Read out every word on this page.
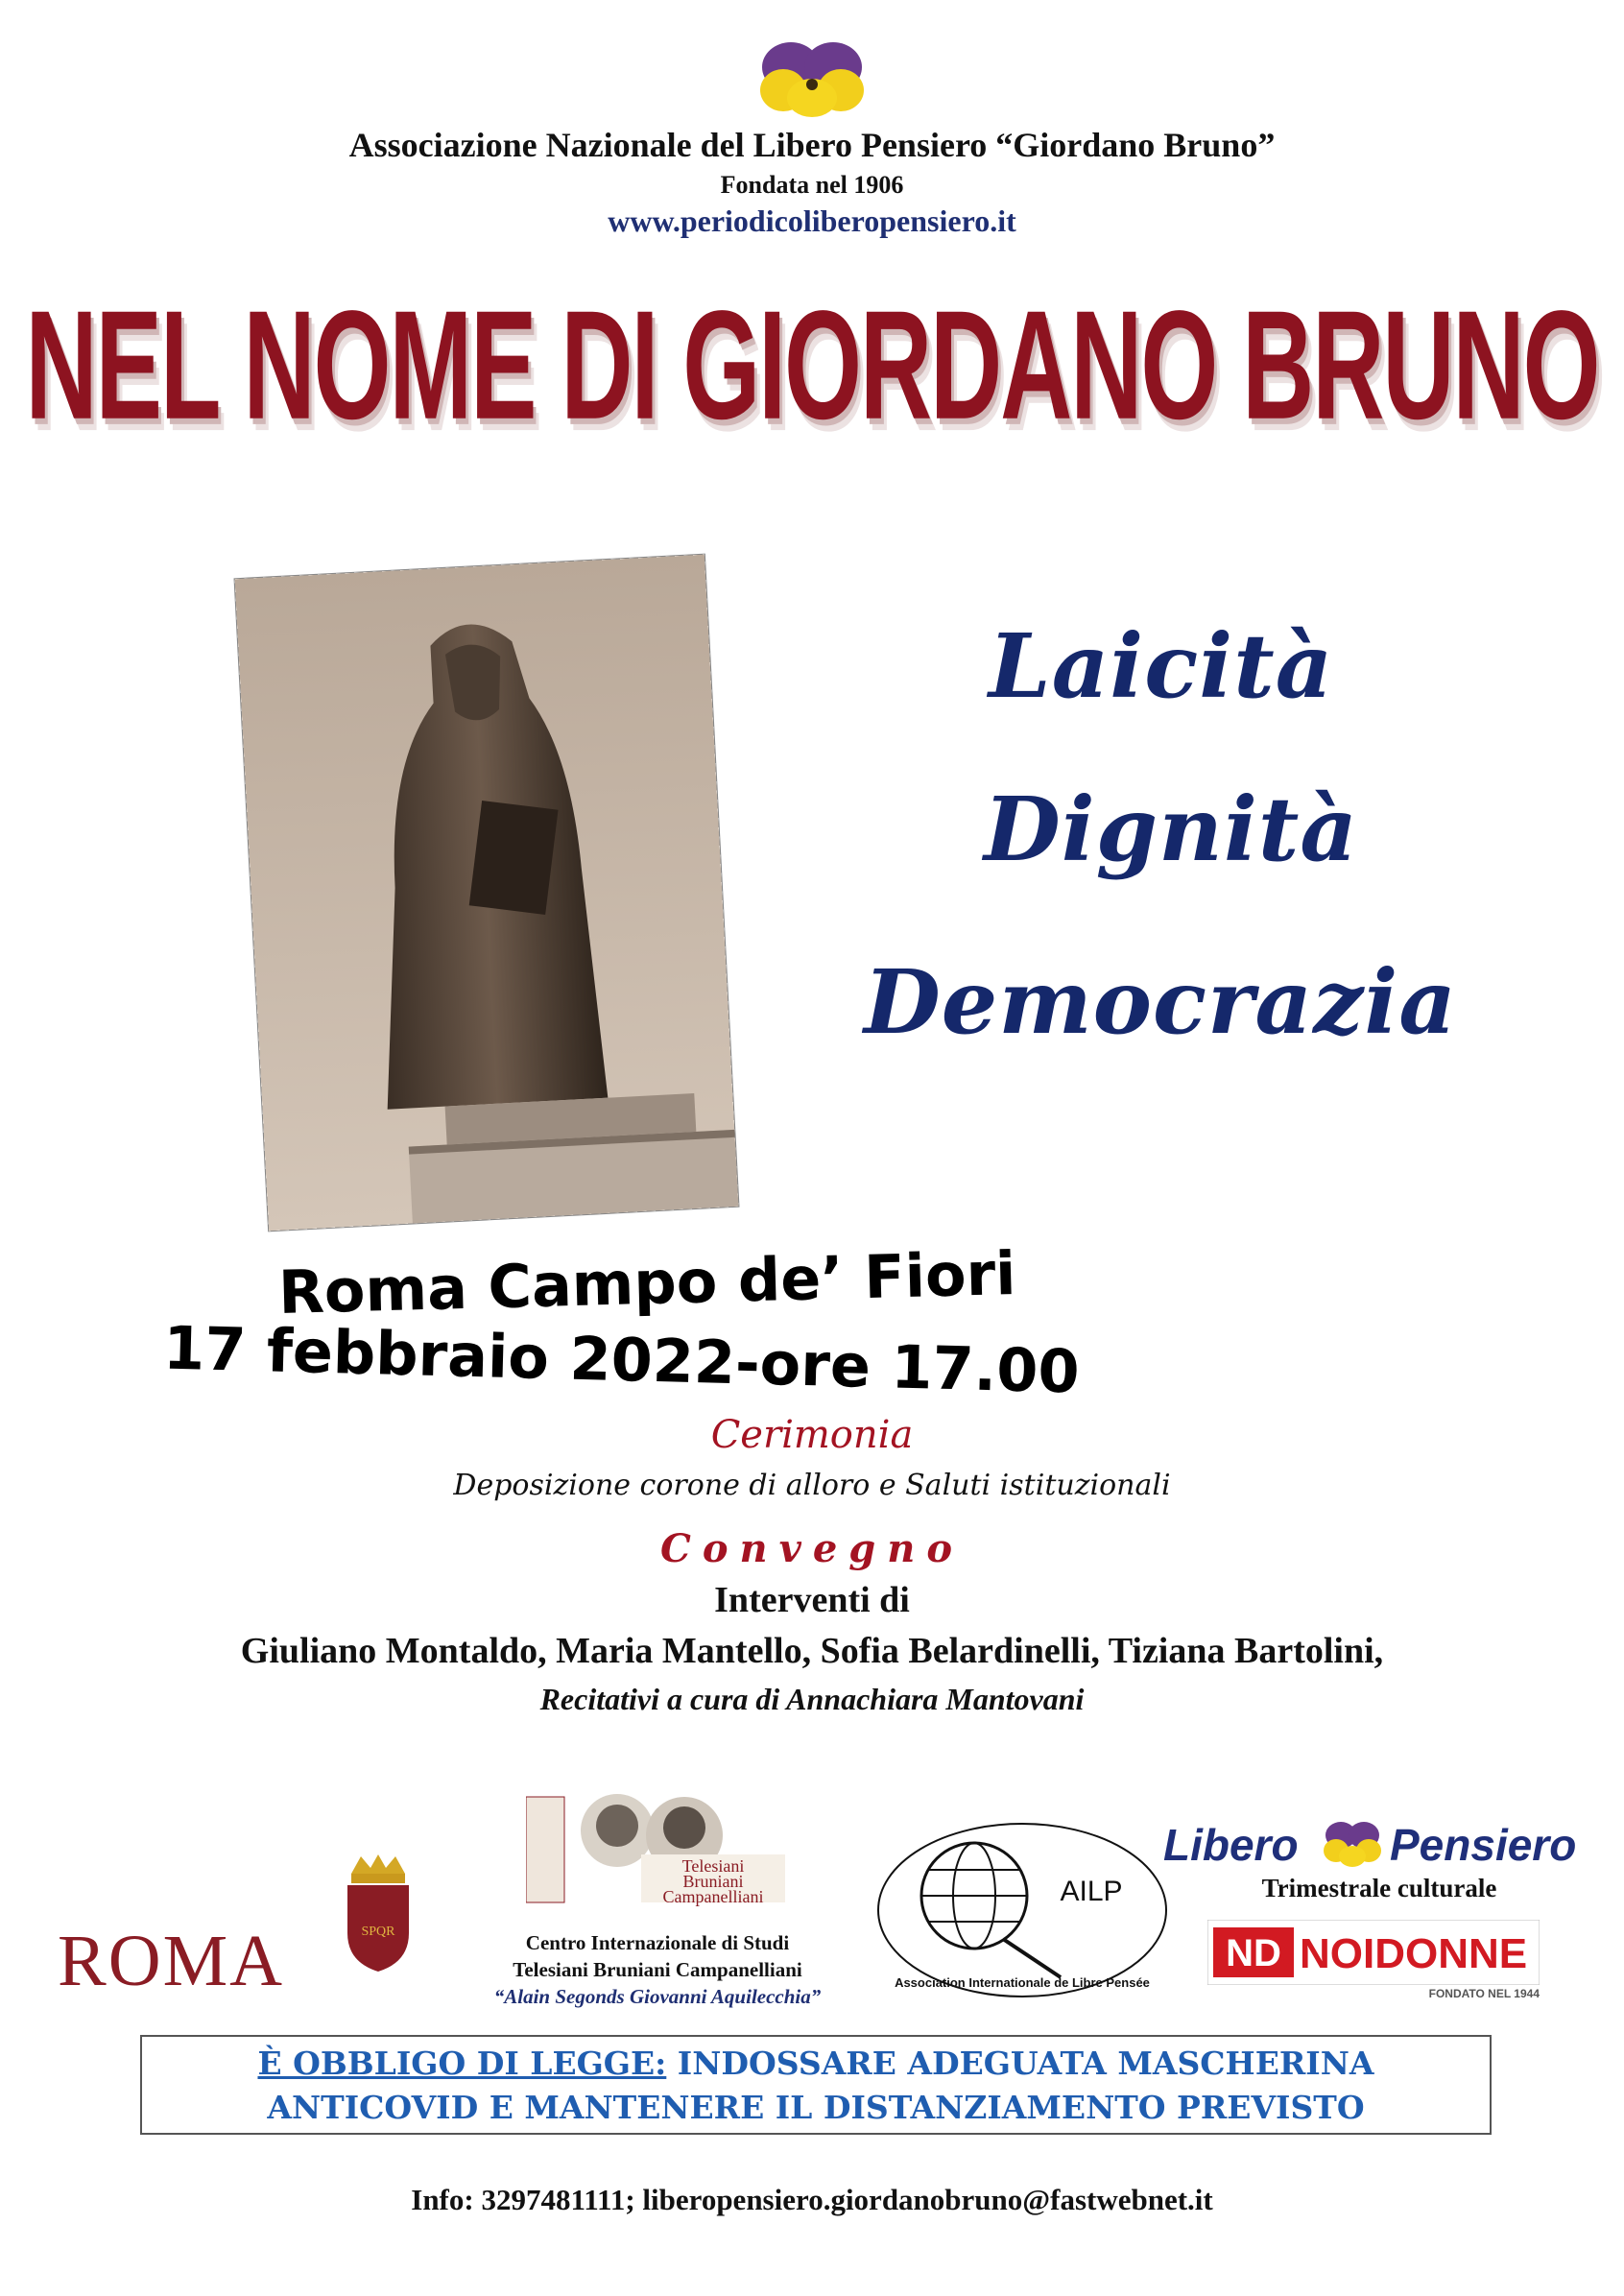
Associazione Nazionale del Libero Pensiero “Giordano Bruno”
Fondata nel 1906
www.periodicoliberopensiero.it
NEL NOME DI GIORDANO BRUNO
Laicità
Dignità
Democrazia
Roma Campo de’ Fiori
17 febbraio 2022-ore 17.00
Cerimonia
Deposizione corone di alloro e Saluti istituzionali
Convegno
Interventi di
Giuliano Montaldo, Maria Mantello, Sofia Belardinelli, Tiziana Bartolini,
Recitativi a cura di Annachiara Mantovani
ROMA	SPQR
Telesiani
Bruniani
Campanelliani
Centro Internazionale di Studi
Telesiani Bruniani Campanelliani
“Alain Segonds Giovanni Aquilecchia”
AILP
Association Internationale de Libre Pensée
Libero Pensiero
Trimestrale culturale
ND NOIDONNE
FONDATO NEL 1944
È OBBLIGO DI LEGGE: INDOSSARE ADEGUATA MASCHERINA
ANTICOVID E MANTENERE IL DISTANZIAMENTO PREVISTO
Info: 3297481111; liberopensiero.giordanobruno@fastwebnet.it
